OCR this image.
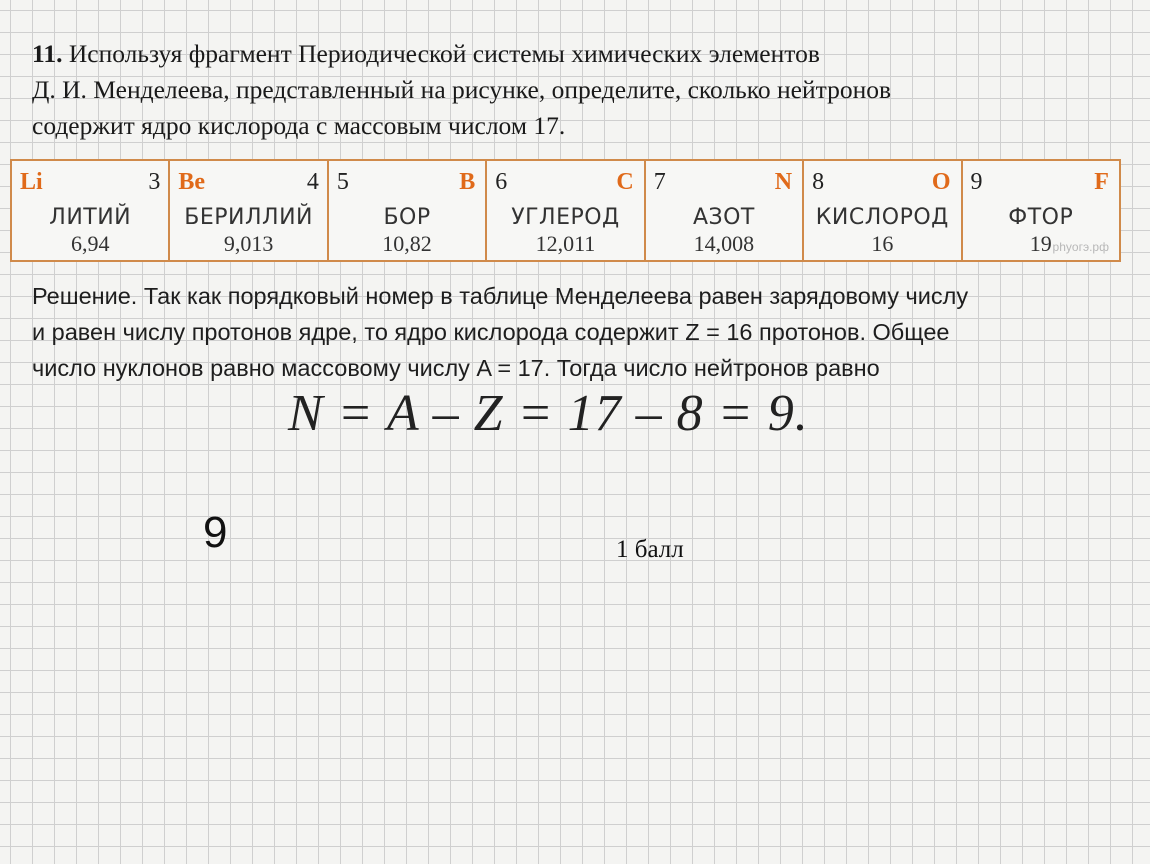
11. Используя фрагмент Периодической системы химических элементов

Д. И. Менделеева, представленный на рисунке, определите, сколько нейтронов

содержит ядро кислорода с массовым числом 17.

Li	3
ЛИТИЙ
6,94
Be	4
БЕРИЛЛИЙ
9,013
5	B
БОР
10,82
6	C
УГЛЕРОД
12,011
7	N
АЗОТ
14,008
8	O
КИСЛОРОД
16
9	F
ФТОР
19 рhyoгэ.рф

Решение. Так как порядковый номер в таблице Менделеева равен зарядовому числу

и равен числу протонов ядре, то ядро кислорода содержит Z = 16 протонов. Общее

число нуклонов равно массовому числу A = 17. Тогда число нейтронов равно

N = A – Z = 17 – 8 = 9.
9	1 балл
